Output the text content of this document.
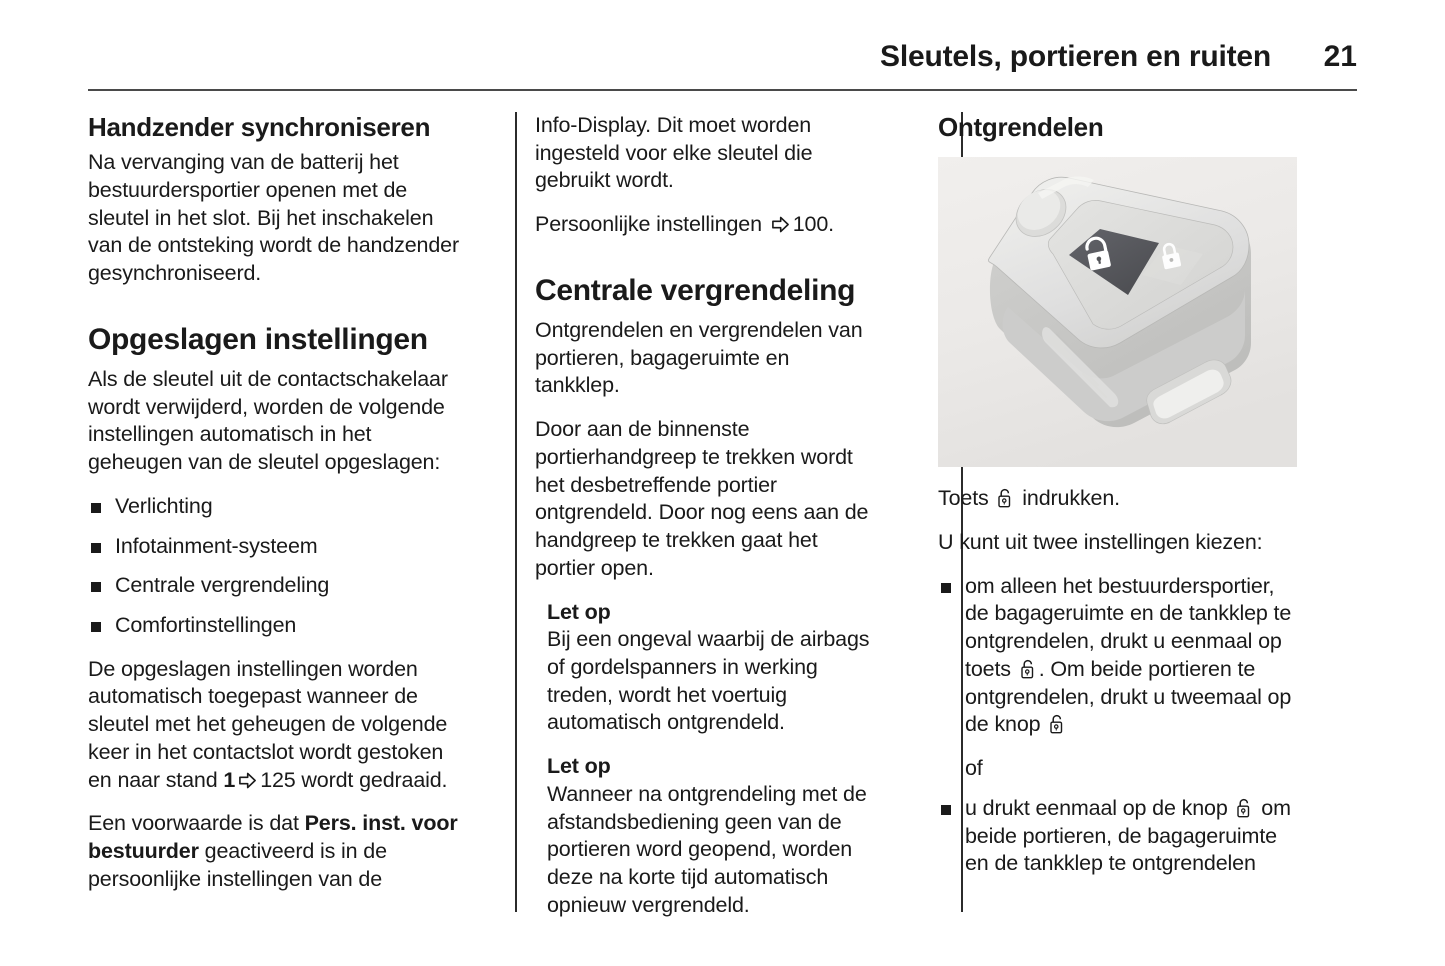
Sleutels, portieren en ruiten	21
Handzender synchroniseren

Na vervanging van de batterij het bestuurdersportier openen met de sleutel in het slot. Bij het inschakelen van de ontsteking wordt de handzender gesynchroniseerd.

Opgeslagen instellingen

Als de sleutel uit de contactschakelaar wordt verwijderd, worden de volgende instellingen automatisch in het geheugen van de sleutel opgeslagen:

Verlichting
Infotainment-systeem
Centrale vergrendeling
Comfortinstellingen

De opgeslagen instellingen worden automatisch toegepast wanneer de sleutel met het geheugen de volgende keer in het contactslot wordt gestoken en naar stand 1 125 wordt gedraaid.

Een voorwaarde is dat Pers. inst. voor bestuurder geactiveerd is in de persoonlijke instellingen van de

Info-Display. Dit moet worden ingesteld voor elke sleutel die gebruikt wordt.

Persoonlijke instellingen 100.

Centrale vergrendeling

Ontgrendelen en vergrendelen van portieren, bagageruimte en tankklep.

Door aan de binnenste portierhandgreep te trekken wordt het desbetreffende portier ontgrendeld. Door nog eens aan de handgreep te trekken gaat het portier open.

Let op
Bij een ongeval waarbij de airbags of gordelspanners in werking treden, wordt het voertuig automatisch ontgrendeld.
Let op
Wanneer na ontgrendeling met de afstandsbediening geen van de portieren word geopend, worden deze na korte tijd automatisch opnieuw vergrendeld.
Ontgrendelen

Toets  indrukken.

U kunt uit twee instellingen kiezen:

om alleen het bestuurdersportier, de bagageruimte en de tankklep te ontgrendelen, drukt u eenmaal op toets . Om beide portieren te ontgrendelen, drukt u tweemaal op de knop
of
u drukt eenmaal op de knop  om beide portieren, de bagageruimte en de tankklep te ontgrendelen
